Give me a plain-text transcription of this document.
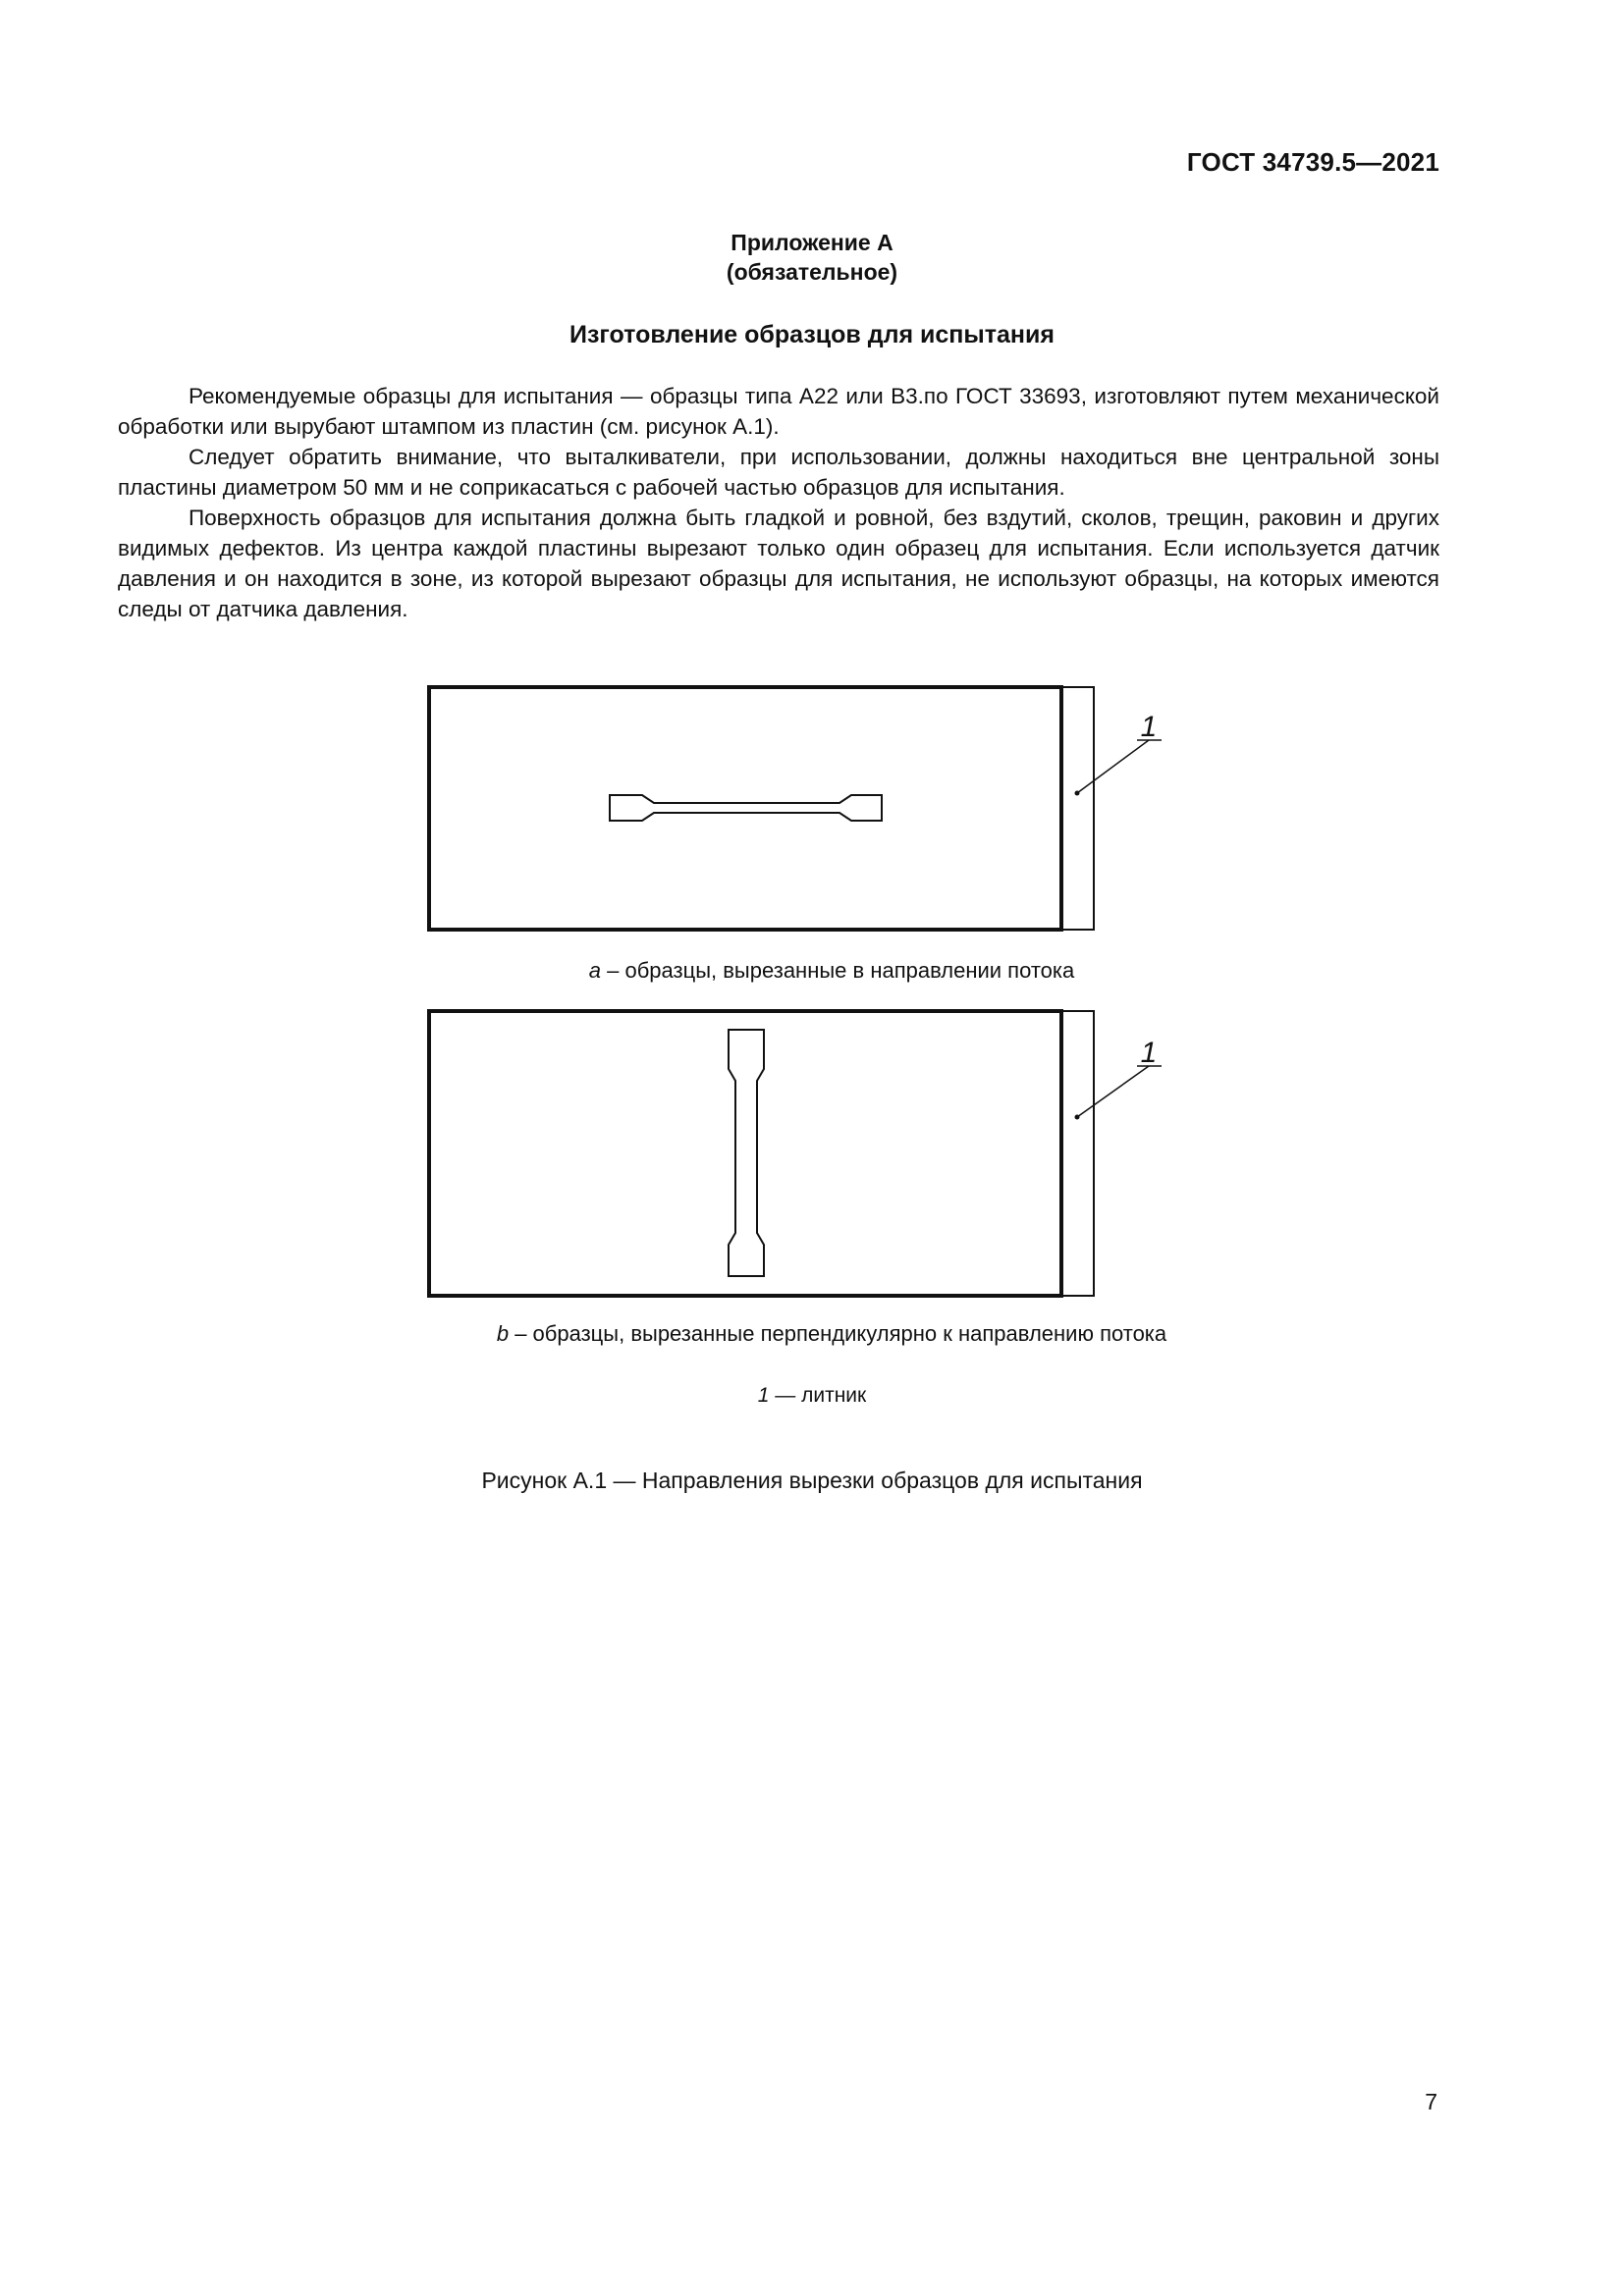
ГОСТ 34739.5—2021
Приложение А
(обязательное)
Изготовление образцов для испытания

Рекомендуемые образцы для испытания — образцы типа А22 или В3.по ГОСТ 33693, изготовляют путем механической обработки или вырубают штампом из пластин (см. рисунок А.1).

Следует обратить внимание, что выталкиватели, при использовании, должны находиться вне центральной зоны пластины диаметром 50 мм и не соприкасаться с рабочей частью образцов для испытания.

Поверхность образцов для испытания должна быть гладкой и ровной, без вздутий, сколов, трещин, раковин и других видимых дефектов. Из центра каждой пластины вырезают только один образец для испытания. Если используется датчик давления и он находится в зоне, из которой вырезают образцы для испытания, не используют образцы, на которых имеются следы от датчика давления.

1
1
a – образцы, вырезанные в направлении потока
b – образцы, вырезанные перпендикулярно к направлению потока
1 — литник
Рисунок А.1 — Направления вырезки образцов для испытания
7
